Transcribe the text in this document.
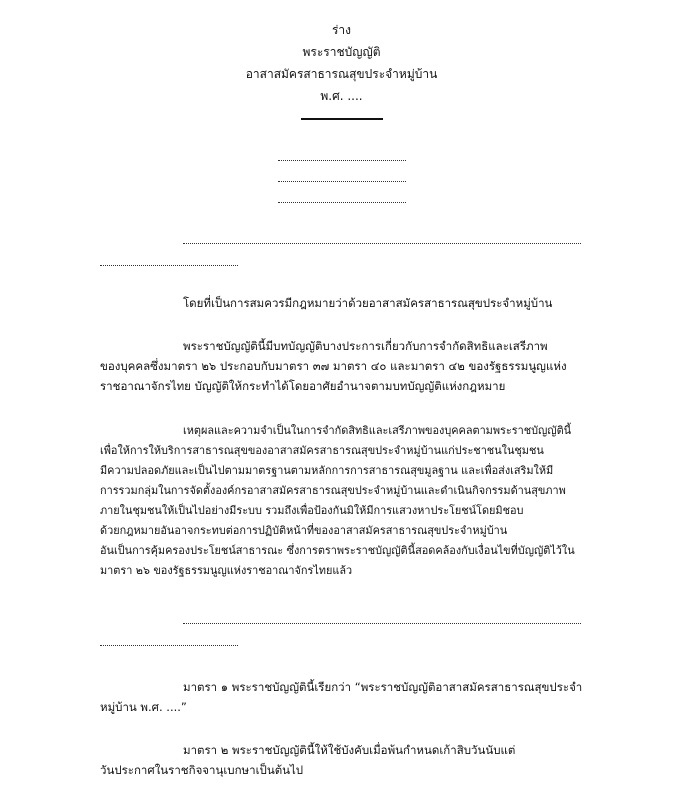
ร่าง
พระราชบัญญัติ
อาสาสมัครสาธารณสุขประจำหมู่บ้าน
พ.ศ. ....
โดยที่เป็นการสมควรมีกฎหมายว่าด้วยอาสาสมัครสาธารณสุขประจำหมู่บ้าน
พระราชบัญญัตินี้มีบทบัญญัติบางประการเกี่ยวกับการจำกัดสิทธิและเสรีภาพ
ของบุคคลซึ่งมาตรา ๒๖ ประกอบกับมาตรา ๓๗ มาตรา ๔๐ และมาตรา ๔๒ ของรัฐธรรมนูญแห่ง
ราชอาณาจักรไทย บัญญัติให้กระทำได้โดยอาศัยอำนาจตามบทบัญญัติแห่งกฎหมาย
เหตุผลและความจำเป็นในการจำกัดสิทธิและเสรีภาพของบุคคลตามพระราชบัญญัตินี้
เพื่อให้การให้บริการสาธารณสุขของอาสาสมัครสาธารณสุขประจำหมู่บ้านแก่ประชาชนในชุมชน
มีความปลอดภัยและเป็นไปตามมาตรฐานตามหลักการการสาธารณสุขมูลฐาน และเพื่อส่งเสริมให้มี
การรวมกลุ่มในการจัดตั้งองค์กรอาสาสมัครสาธารณสุขประจำหมู่บ้านและดำเนินกิจกรรมด้านสุขภาพ
ภายในชุมชนให้เป็นไปอย่างมีระบบ รวมถึงเพื่อป้องกันมิให้มีการแสวงหาประโยชน์โดยมิชอบ
ด้วยกฎหมายอันอาจกระทบต่อการปฏิบัติหน้าที่ของอาสาสมัครสาธารณสุขประจำหมู่บ้าน
อันเป็นการคุ้มครองประโยชน์สาธารณะ ซึ่งการตราพระราชบัญญัตินี้สอดคล้องกับเงื่อนไขที่บัญญัติไว้ใน
มาตรา ๒๖ ของรัฐธรรมนูญแห่งราชอาณาจักรไทยแล้ว
มาตรา ๑ พระราชบัญญัตินี้เรียกว่า “พระราชบัญญัติอาสาสมัครสาธารณสุขประจำ
หมู่บ้าน พ.ศ. ....”
มาตรา ๒ พระราชบัญญัตินี้ให้ใช้บังคับเมื่อพ้นกำหนดเก้าสิบวันนับแต่
วันประกาศในราชกิจจานุเบกษาเป็นต้นไป
